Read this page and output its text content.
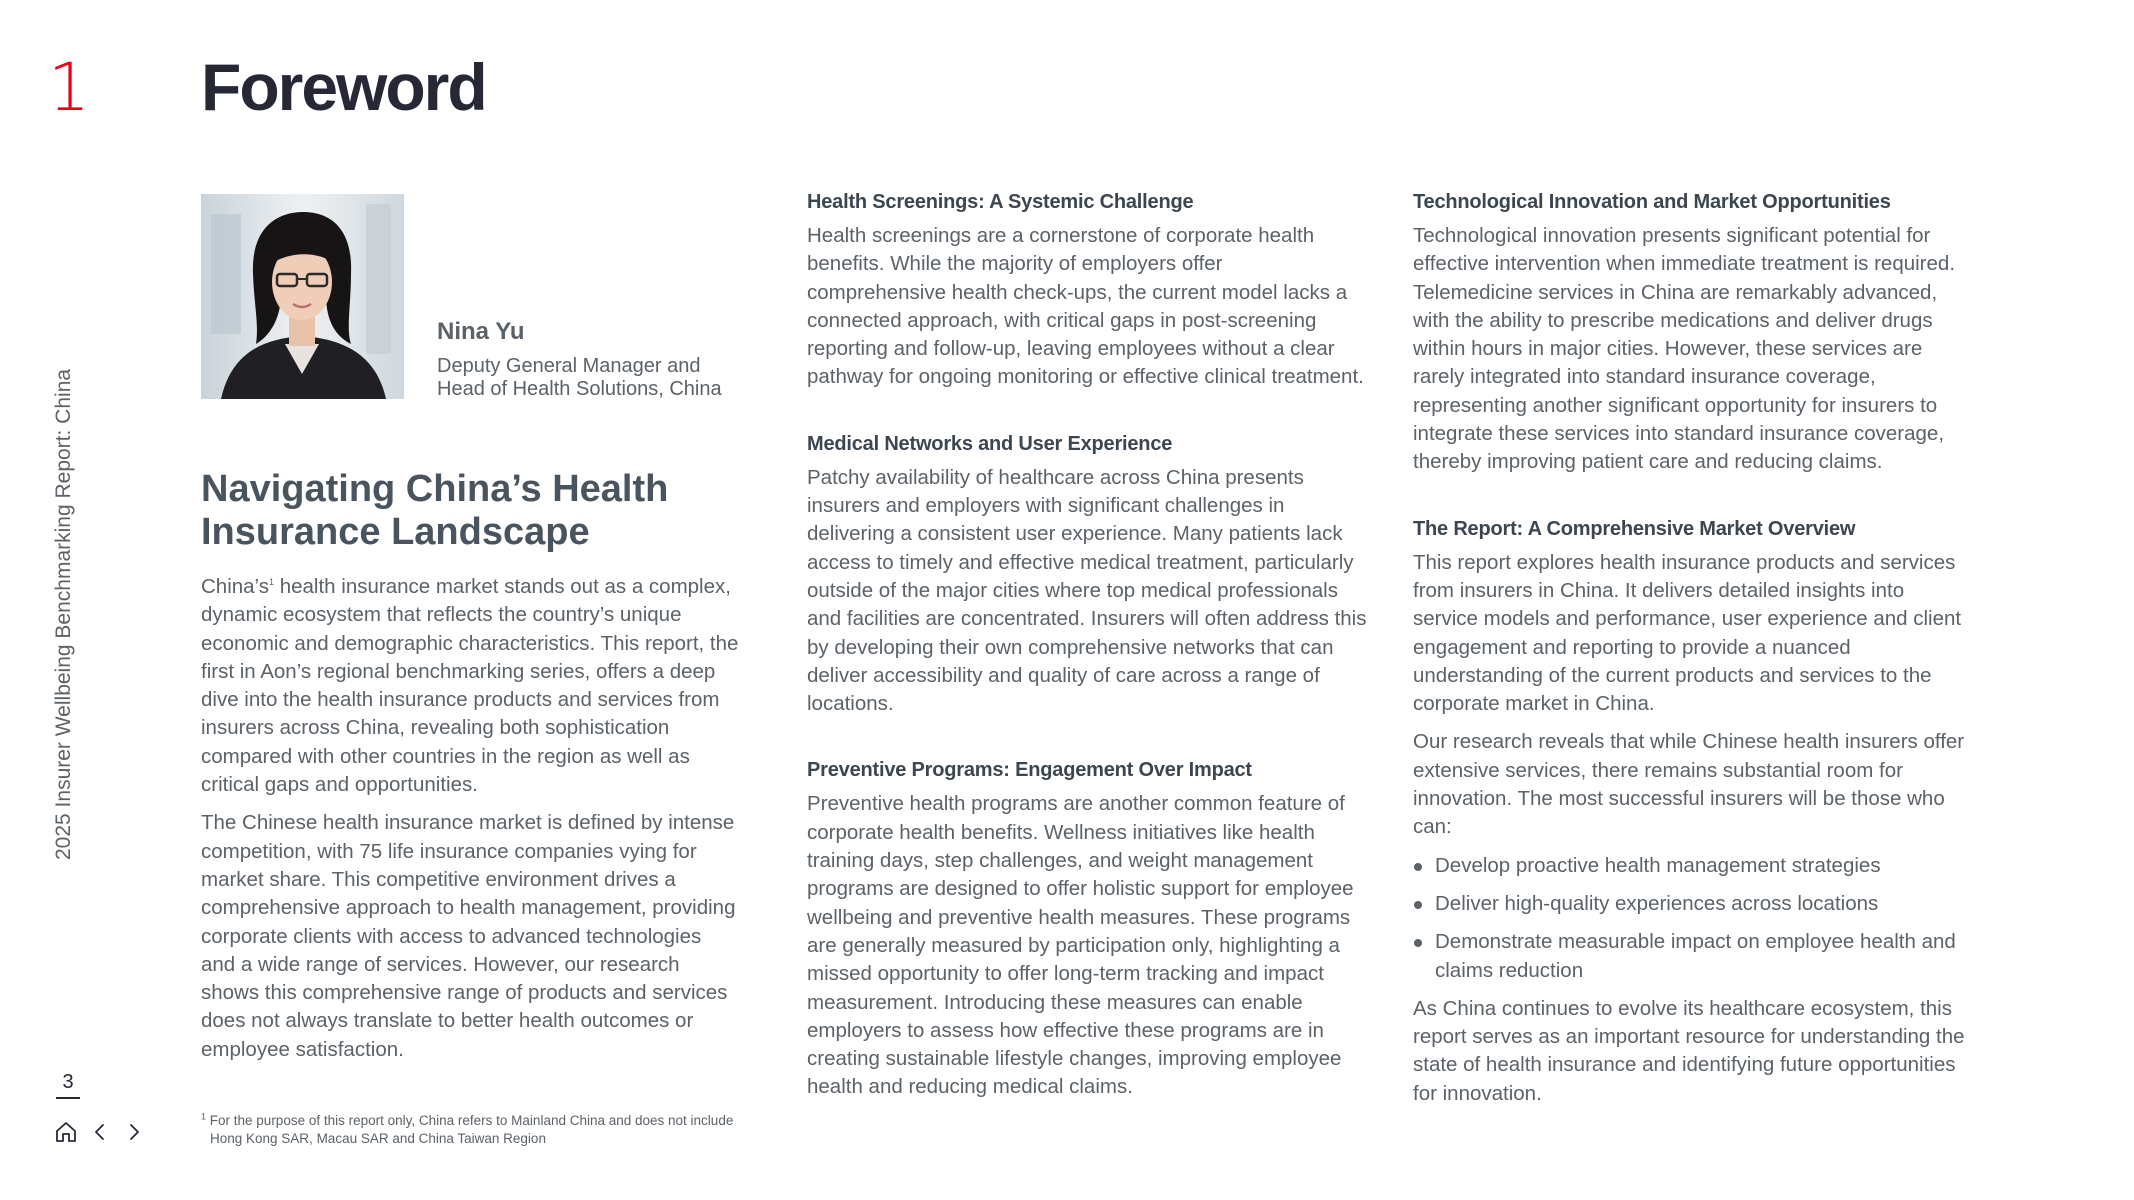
1 Foreword
2025 Insurer Wellbeing Benchmarking Report: China
3
Nina Yu
Deputy General Manager and
Head of Health Solutions, China
Navigating China’s Health Insurance Landscape

$China’s^1$ health insurance market stands out as a complex, dynamic ecosystem that reflects the country’s unique economic and demographic characteristics. This report, the first in Aon’s regional benchmarking series, offers a deep dive into the health insurance products and services from insurers across China, revealing both sophistication compared with other countries in the region as well as critical gaps and opportunities.

The Chinese health insurance market is defined by intense competition, with 75 life insurance companies vying for market share. This competitive environment drives a comprehensive approach to health management, providing corporate clients with access to advanced technologies and a wide range of services. However, our research shows this comprehensive range of products and services does not always translate to better health outcomes or employee satisfaction.

$^1$ For the purpose of this report only, China refers to Mainland China and does not include Hong Kong SAR, Macau SAR and China Taiwan Region
Health Screenings: A Systemic Challenge

Health screenings are a cornerstone of corporate health benefits. While the majority of employers offer comprehensive health check-ups, the current model lacks a connected approach, with critical gaps in post-screening reporting and follow-up, leaving employees without a clear pathway for ongoing monitoring or effective clinical treatment.

Medical Networks and User Experience

Patchy availability of healthcare across China presents insurers and employers with significant challenges in delivering a consistent user experience. Many patients lack access to timely and effective medical treatment, particularly outside of the major cities where top medical professionals and facilities are concentrated. Insurers will often address this by developing their own comprehensive networks that can deliver accessibility and quality of care across a range of locations.

Preventive Programs: Engagement Over Impact

Preventive health programs are another common feature of corporate health benefits. Wellness initiatives like health training days, step challenges, and weight management programs are designed to offer holistic support for employee wellbeing and preventive health measures. These programs are generally measured by participation only, highlighting a missed opportunity to offer long-term tracking and impact measurement. Introducing these measures can enable employers to assess how effective these programs are in creating sustainable lifestyle changes, improving employee health and reducing medical claims.

Technological Innovation and Market Opportunities

Technological innovation presents significant potential for effective intervention when immediate treatment is required. Telemedicine services in China are remarkably advanced, with the ability to prescribe medications and deliver drugs within hours in major cities. However, these services are rarely integrated into standard insurance coverage, representing another significant opportunity for insurers to integrate these services into standard insurance coverage, thereby improving patient care and reducing claims.

The Report: A Comprehensive Market Overview

This report explores health insurance products and services from insurers in China. It delivers detailed insights into service models and performance, user experience and client engagement and reporting to provide a nuanced understanding of the current products and services to the corporate market in China.

Our research reveals that while Chinese health insurers offer extensive services, there remains substantial room for innovation. The most successful insurers will be those who can:

Develop proactive health management strategies
Deliver high-quality experiences across locations
Demonstrate measurable impact on employee health and claims reduction

As China continues to evolve its healthcare ecosystem, this report serves as an important resource for understanding the state of health insurance and identifying future opportunities for innovation.
